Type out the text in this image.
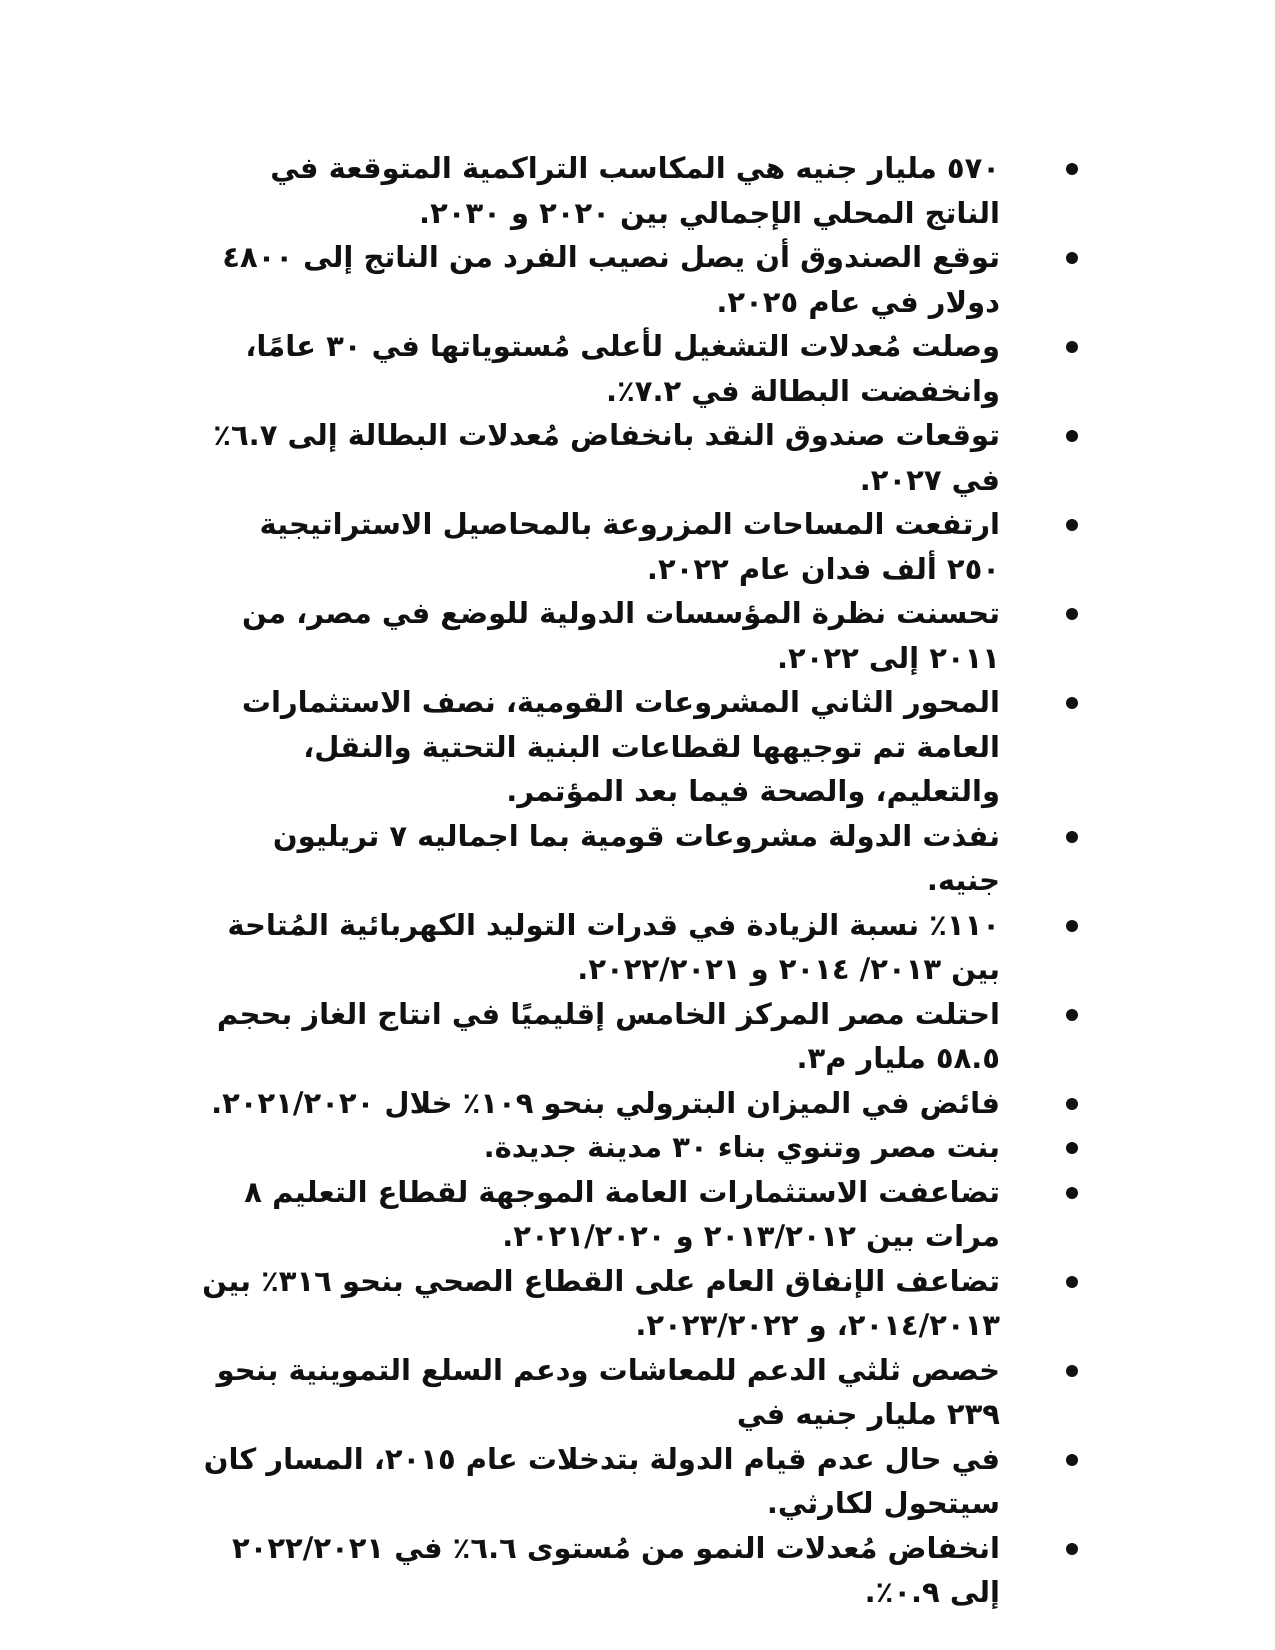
٥٧٠ مليار جنيه هي المكاسب التراكمية المتوقعة في الناتج المحلي الإجمالي بين ٢٠٢٠ و ٢٠٣٠.
توقع الصندوق أن يصل نصيب الفرد من الناتج إلى ٤٨٠٠ دولار في عام ٢٠٢٥.
وصلت مُعدلات التشغيل لأعلى مُستوياتها في ٣٠ عامًا، وانخفضت البطالة في ٧.٢٪.
توقعات صندوق النقد بانخفاض مُعدلات البطالة إلى ٦.٧٪ في ٢٠٢٧.
ارتفعت المساحات المزروعة بالمحاصيل الاستراتيجية ٢٥٠ ألف فدان عام ٢٠٢٢.
تحسنت نظرة المؤسسات الدولية للوضع في مصر، من ٢٠١١ إلى ٢٠٢٢.
المحور الثاني المشروعات القومية، نصف الاستثمارات العامة تم توجيهها لقطاعات البنية التحتية والنقل، والتعليم، والصحة فيما بعد المؤتمر.
نفذت الدولة مشروعات قومية بما اجماليه ٧ تريليون جنيه.
١١٠٪ نسبة الزيادة في قدرات التوليد الكهربائية المُتاحة بين ٢٠١٣/ ٢٠١٤ و ٢٠٢٢/٢٠٢١.
احتلت مصر المركز الخامس إقليميًا في انتاج الغاز بحجم ٥٨.٥ مليار م٣.
فائض في الميزان البترولي بنحو ١٠٩٪ خلال ٢٠٢١/٢٠٢٠.
بنت مصر وتنوي بناء ٣٠ مدينة جديدة.
تضاعفت الاستثمارات العامة الموجهة لقطاع التعليم ٨ مرات بين ٢٠١٣/٢٠١٢ و ٢٠٢١/٢٠٢٠.
تضاعف الإنفاق العام على القطاع الصحي بنحو ٣١٦٪ بين ٢٠١٤/٢٠١٣، و ٢٠٢٣/٢٠٢٢.
خصص ثلثي الدعم للمعاشات ودعم السلع التموينية بنحو ٢٣٩ مليار جنيه في
في حال عدم قيام الدولة بتدخلات عام ٢٠١٥، المسار كان سيتحول لكارثي.
انخفاض مُعدلات النمو من مُستوى ٦.٦٪ في ٢٠٢٢/٢٠٢١ إلى ٠.٩٪.
